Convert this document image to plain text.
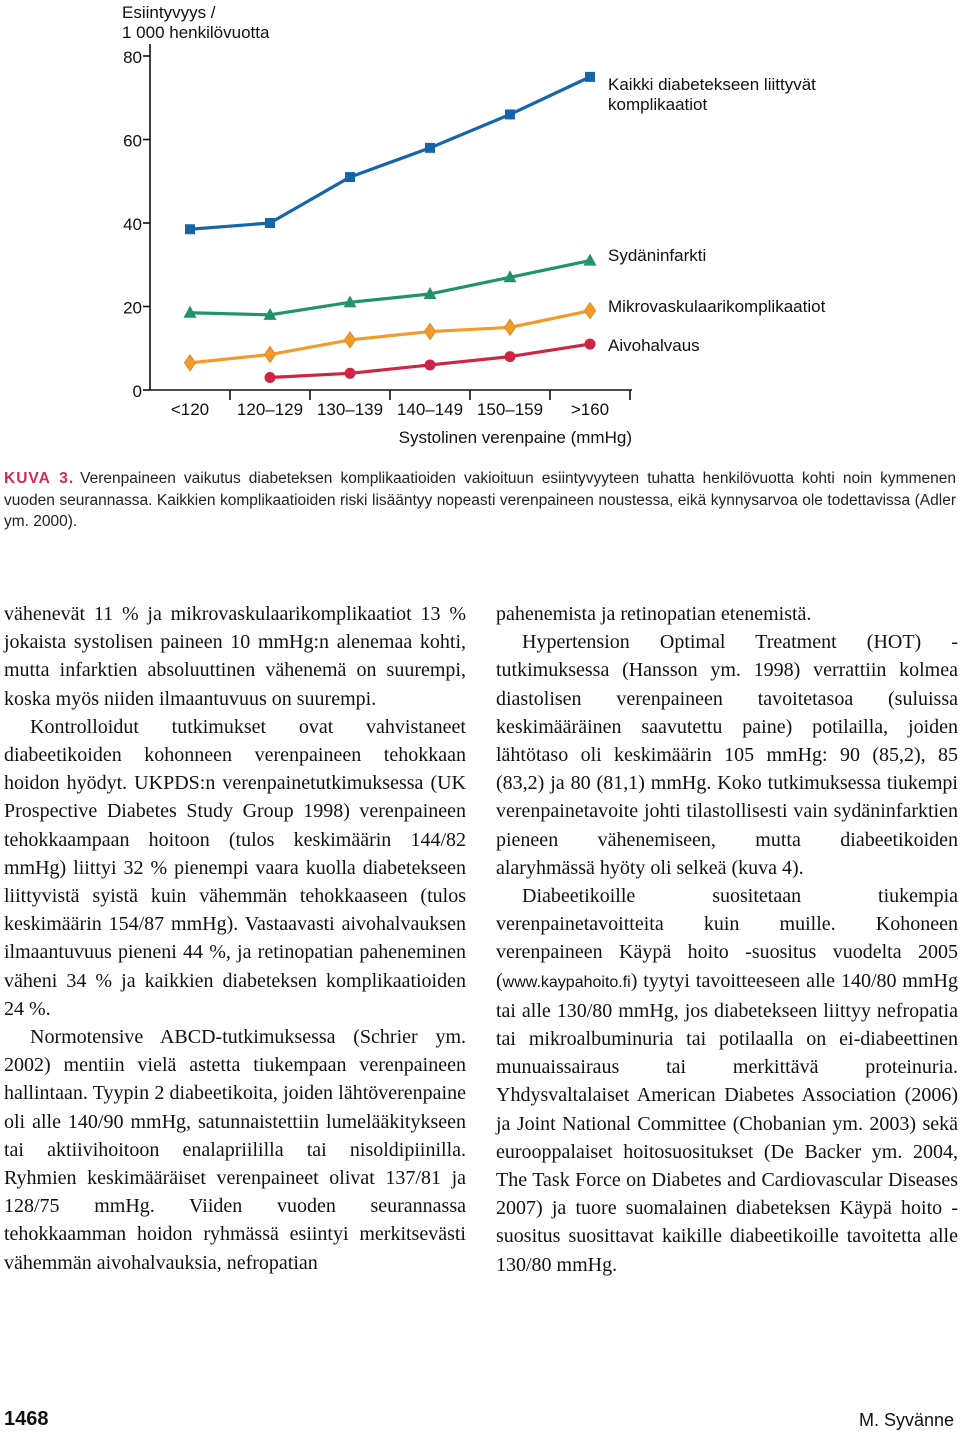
Esiintyvyys /
1 000 henkilövuotta
0
20
40
60
80
<120 120–129 130–139 140–149 150–159 >160
Kaikki diabetekseen liittyvät
komplikaatiot
Sydäninfarkti
Mikrovaskulaarikomplikaatiot
Aivohalvaus
Systolinen verenpaine (mmHg)
KUVA 3. Verenpaineen vaikutus diabeteksen komplikaatioiden vakioituun esiintyvyyteen tuhatta henkilövuotta kohti noin kymmenen vuoden seurannassa. Kaikkien komplikaatioiden riski lisääntyy nopeasti verenpaineen noustessa, eikä kynnysarvoa ole todettavissa (Adler ym. 2000).

vähenevät 11 % ja mikrovaskulaarikomplikaatiot 13 % jokaista systolisen paineen 10 mmHg:n alenemaa kohti, mutta infarktien absoluuttinen vähenemä on suurempi, koska myös niiden ilmaantuvuus on suurempi.

Kontrolloidut tutkimukset ovat vahvistaneet diabeetikoiden kohonneen verenpaineen tehokkaan hoidon hyödyt. UKPDS:n verenpainetutkimuksessa (UK Prospective Diabetes Study Group 1998) verenpaineen tehokkaampaan hoitoon (tulos keskimäärin 144/82 mmHg) liittyi 32 % pienempi vaara kuolla diabetekseen liittyvistä syistä kuin vähemmän tehokkaaseen (tulos keskimäärin 154/87 mmHg). Vastaavasti aivohalvauksen ilmaantuvuus pieneni 44 %, ja retinopatian paheneminen väheni 34 % ja kaikkien diabeteksen komplikaatioiden 24 %.

Normotensive ABCD-tutkimuksessa (Schrier ym. 2002) mentiin vielä astetta tiukempaan verenpaineen hallintaan. Tyypin 2 diabeetikoita, joiden lähtöverenpaine oli alle 140/90 mmHg, satunnaistettiin lumelääkitykseen tai aktiivihoitoon enalapriililla tai nisoldipiinilla. Ryhmien keskimääräiset verenpaineet olivat 137/81 ja 128/75 mmHg. Viiden vuoden seurannassa tehokkaamman hoidon ryhmässä esiintyi merkitsevästi vähemmän aivohalvauksia, nefropatian

pahenemista ja retinopatian etenemistä.

Hypertension Optimal Treatment (HOT) -tutkimuksessa (Hansson ym. 1998) verrattiin kolmea diastolisen verenpaineen tavoitetasoa (suluissa keskimääräinen saavutettu paine) potilailla, joiden lähtötaso oli keskimäärin 105 mmHg: 90 (85,2), 85 (83,2) ja 80 (81,1) mmHg. Koko tutkimuksessa tiukempi verenpainetavoite johti tilastollisesti vain sydäninfarktien pieneen vähenemiseen, mutta diabeetikoiden alaryhmässä hyöty oli selkeä (kuva 4).

Diabeetikoille suositetaan tiukempia verenpainetavoitteita kuin muille. Kohoneen verenpaineen Käypä hoito -suositus vuodelta 2005 (www.kaypahoito.fi) tyytyi tavoitteeseen alle 140/80 mmHg tai alle 130/80 mmHg, jos diabetekseen liittyy nefropatia tai mikroalbuminuria tai potilaalla on ei-diabeettinen munuaissairaus tai merkittävä proteinuria. Yhdysvaltalaiset American Diabetes Association (2006) ja Joint National Committee (Chobanian ym. 2003) sekä eurooppalaiset hoitosuositukset (De Backer ym. 2004, The Task Force on Diabetes and Cardiovascular Diseases 2007) ja tuore suomalainen diabeteksen Käypä hoito -suositus suosittavat kaikille diabeetikoille tavoitetta alle 130/80 mmHg.

1468	M. Syvänne
